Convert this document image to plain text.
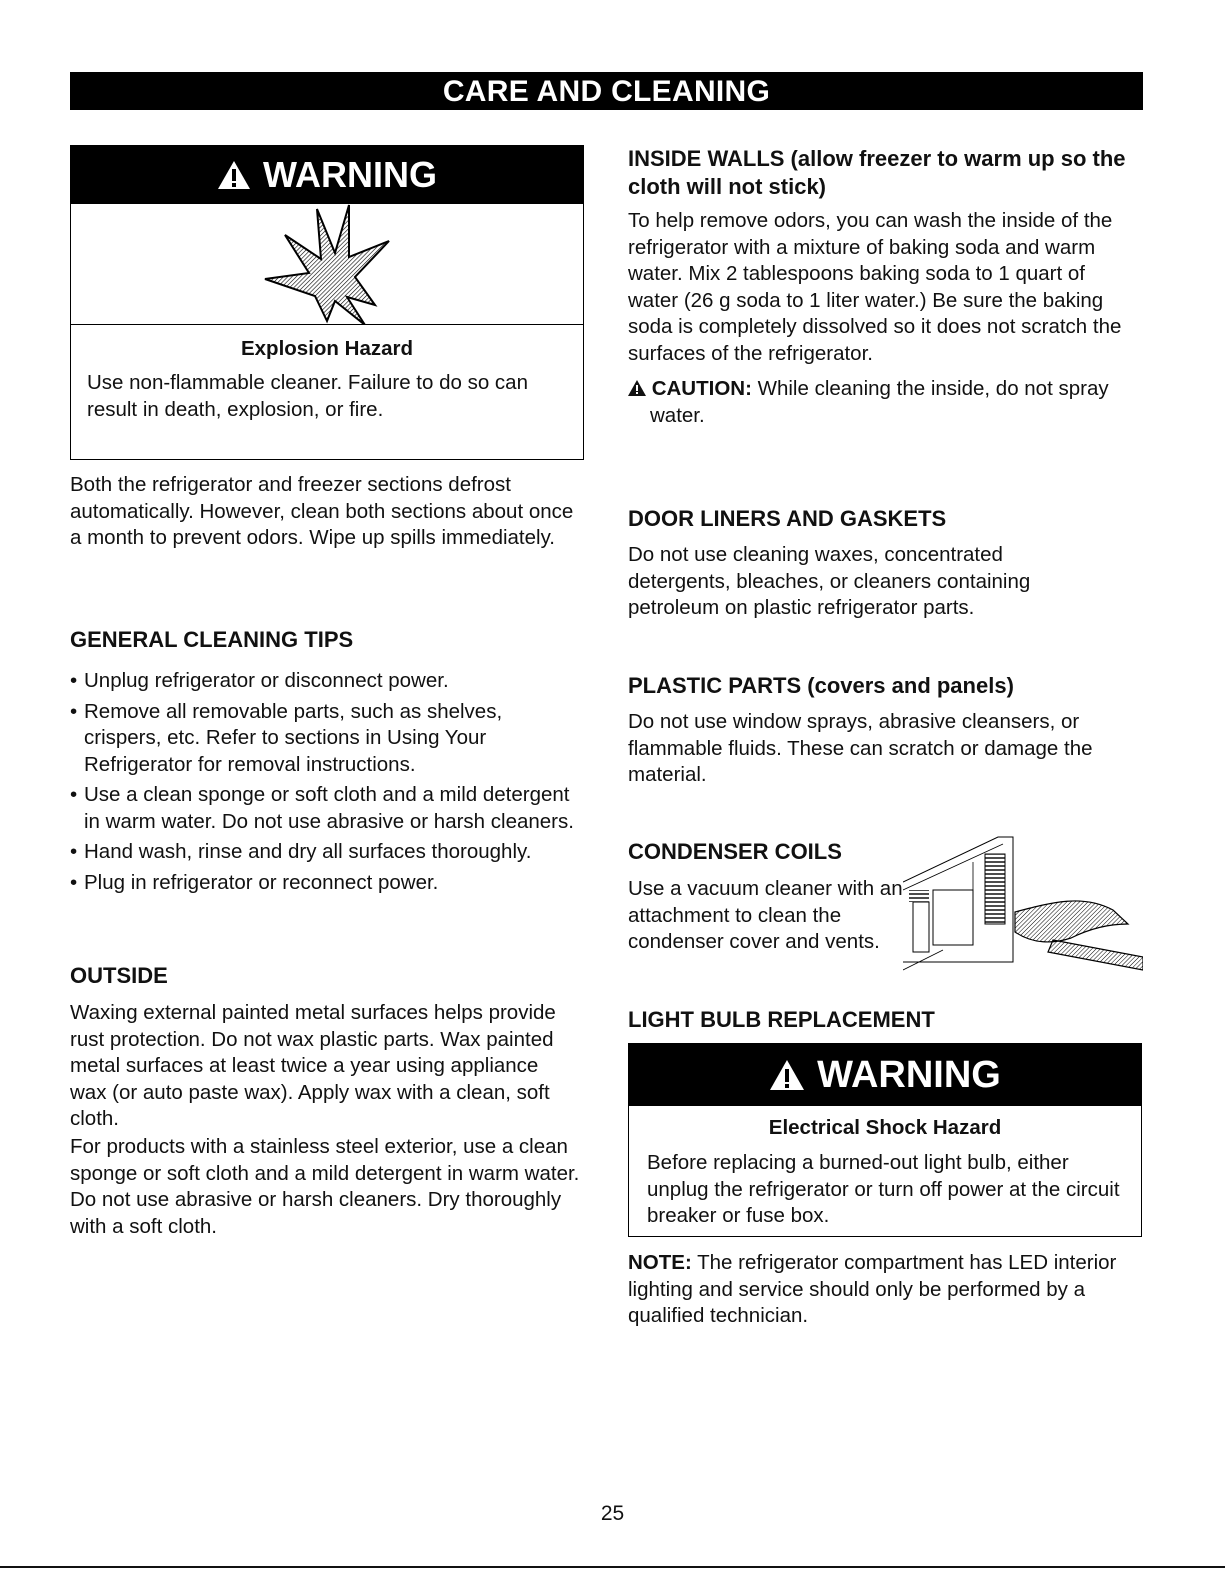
CARE AND CLEANING
WARNING
Explosion Hazard

Use non-flammable cleaner. Failure to do so can result in death, explosion, or fire.

Both the refrigerator and freezer sections defrost automatically. However, clean both sections about once a month to prevent odors. Wipe up spills immediately.

GENERAL CLEANING TIPS
• Unplug refrigerator or disconnect power.
• Remove all removable parts, such as shelves, crispers, etc. Refer to sections in Using Your Refrigerator for removal instructions.
• Use a clean sponge or soft cloth and a mild detergent in warm water. Do not use abrasive or harsh cleaners.
• Hand wash, rinse and dry all surfaces thoroughly.
• Plug in refrigerator or reconnect power.
OUTSIDE

Waxing external painted metal surfaces helps provide rust protection. Do not wax plastic parts. Wax painted metal surfaces at least twice a year using appliance wax (or auto paste wax). Apply wax with a clean, soft cloth.

For products with a stainless steel exterior, use a clean sponge or soft cloth and a mild detergent in warm water. Do not use abrasive or harsh cleaners. Dry thoroughly with a soft cloth.

INSIDE WALLS (allow freezer to warm up so the cloth will not stick)

To help remove odors, you can wash the inside of the refrigerator with a mixture of baking soda and warm water. Mix 2 tablespoons baking soda to 1 quart of water (26 g soda to 1 liter water.) Be sure the baking soda is completely dissolved so it does not scratch the surfaces of the refrigerator.

CAUTION: While cleaning the inside, do not spray water.

DOOR LINERS AND GASKETS

Do not use cleaning waxes, concentrated detergents, bleaches, or cleaners containing petroleum on plastic refrigerator parts.

PLASTIC PARTS (covers and panels)

Do not use window sprays, abrasive cleansers, or flammable fluids. These can scratch or damage the material.

CONDENSER COILS

Use a vacuum cleaner with an attachment to clean the condenser cover and vents.

LIGHT BULB REPLACEMENT
WARNING
Electrical Shock Hazard

Before replacing a burned-out light bulb, either unplug the refrigerator or turn off power at the circuit breaker or fuse box.

NOTE: The refrigerator compartment has LED interior lighting and service should only be performed by a qualified technician.

25
